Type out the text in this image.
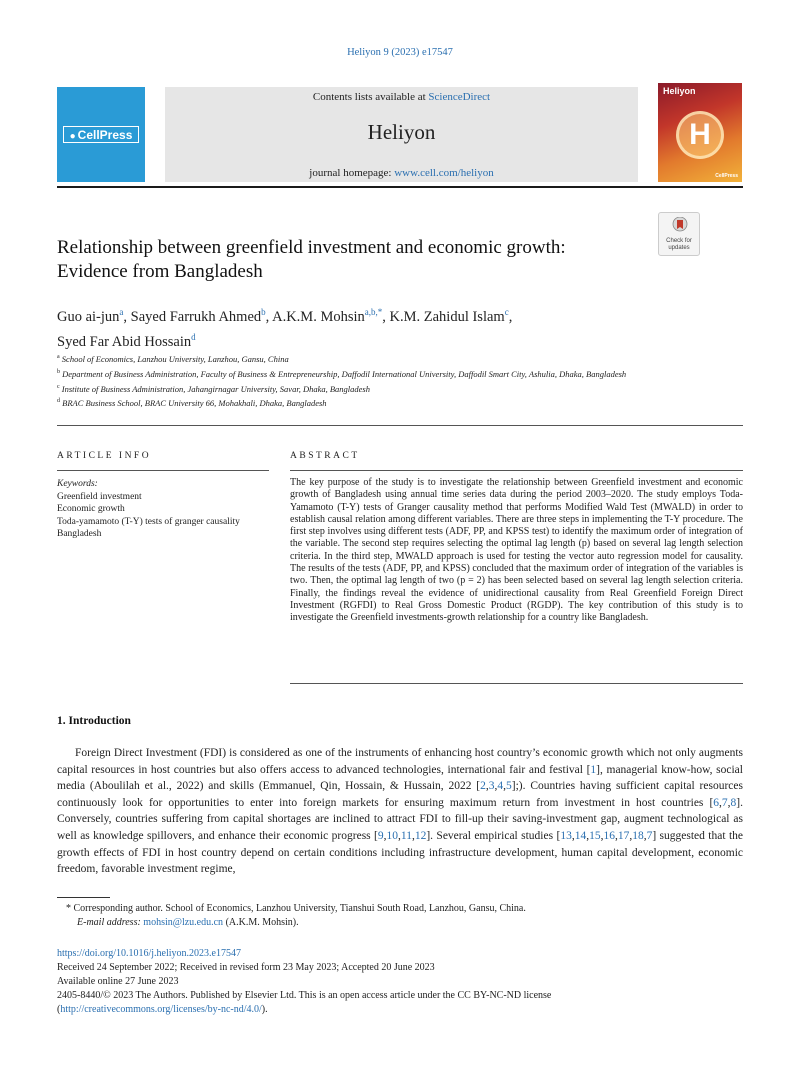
Heliyon 9 (2023) e17547
● CellPress
Contents lists available at ScienceDirect
Heliyon
journal homepage: www.cell.com/heliyon
Heliyon
H
CellPress
Check for updates
Relationship between greenfield investment and economic growth: Evidence from Bangladesh
Guo ai-jun$^a$, Sayed Farrukh Ahmed$^b$, A.K.M. Mohsin$^{a,b,*}$, K.M. Zahidul Islam$^c$,
Syed Far Abid Hossain$^d$
$^a$ School of Economics, Lanzhou University, Lanzhou, Gansu, China
$^b$ Department of Business Administration, Faculty of Business & Entrepreneurship, Daffodil International University, Daffodil Smart City, Ashulia, Dhaka, Bangladesh
$^c$ Institute of Business Administration, Jahangirnagar University, Savar, Dhaka, Bangladesh
$^d$ BRAC Business School, BRAC University 66, Mohakhali, Dhaka, Bangladesh
ARTICLE INFO	ABSTRACT
Keywords:
Greenfield investment
Economic growth
Toda-yamamoto (T-Y) tests of granger causality
Bangladesh
The key purpose of the study is to investigate the relationship between Greenfield investment and economic growth of Bangladesh using annual time series data during the period 2003–2020. The study employs Toda-Yamamoto (T-Y) tests of Granger causality method that performs Modified Wald Test (MWALD) in order to establish causal relation among different variables. There are three steps in implementing the T-Y procedure. The first step involves using different tests (ADF, PP, and KPSS test) to identify the maximum order of integration of the variable. The second step requires selecting the optimal lag length (p) based on several lag length selection criteria. In the third step, MWALD approach is used for testing the vector auto regression model for causality. The results of the tests (ADF, PP, and KPSS) concluded that the maximum order of integration of the variables is two. Then, the optimal lag length of two (p = 2) has been selected based on several lag length selection criteria. Finally, the findings reveal the evidence of unidirectional causality from Real Greenfield Foreign Direct Investment (RGFDI) to Real Gross Domestic Product (RGDP). The key contribution of this study is to investigate the Greenfield investments-growth relationship for a country like Bangladesh.
1. Introduction
Foreign Direct Investment (FDI) is considered as one of the instruments of enhancing host country’s economic growth which not only augments capital resources in host countries but also offers access to advanced technologies, international fair and festival [1], managerial know-how, social media (Aboulilah et al., 2022) and skills (Emmanuel, Qin, Hossain, & Hussain, 2022 [2,3,4,5];). Countries having sufficient capital resources continuously look for opportunities to enter into foreign markets for ensuring maximum return from investment in host countries [6,7,8]. Conversely, countries suffering from capital shortages are inclined to attract FDI to fill-up their saving-investment gap, augment technological as well as knowledge spillovers, and enhance their economic progress [9,10,11,12]. Several empirical studies [13,14,15,16,17,18,7] suggested that the growth effects of FDI in host country depend on certain conditions including infrastructure development, human capital development, economic freedom, favorable investment regime,
* Corresponding author. School of Economics, Lanzhou University, Tianshui South Road, Lanzhou, Gansu, China.
E-mail address: mohsin@lzu.edu.cn (A.K.M. Mohsin).
https://doi.org/10.1016/j.heliyon.2023.e17547
Received 24 September 2022; Received in revised form 23 May 2023; Accepted 20 June 2023
Available online 27 June 2023
2405-8440/© 2023 The Authors. Published by Elsevier Ltd. This is an open access article under the CC BY-NC-ND license
(http://creativecommons.org/licenses/by-nc-nd/4.0/).
